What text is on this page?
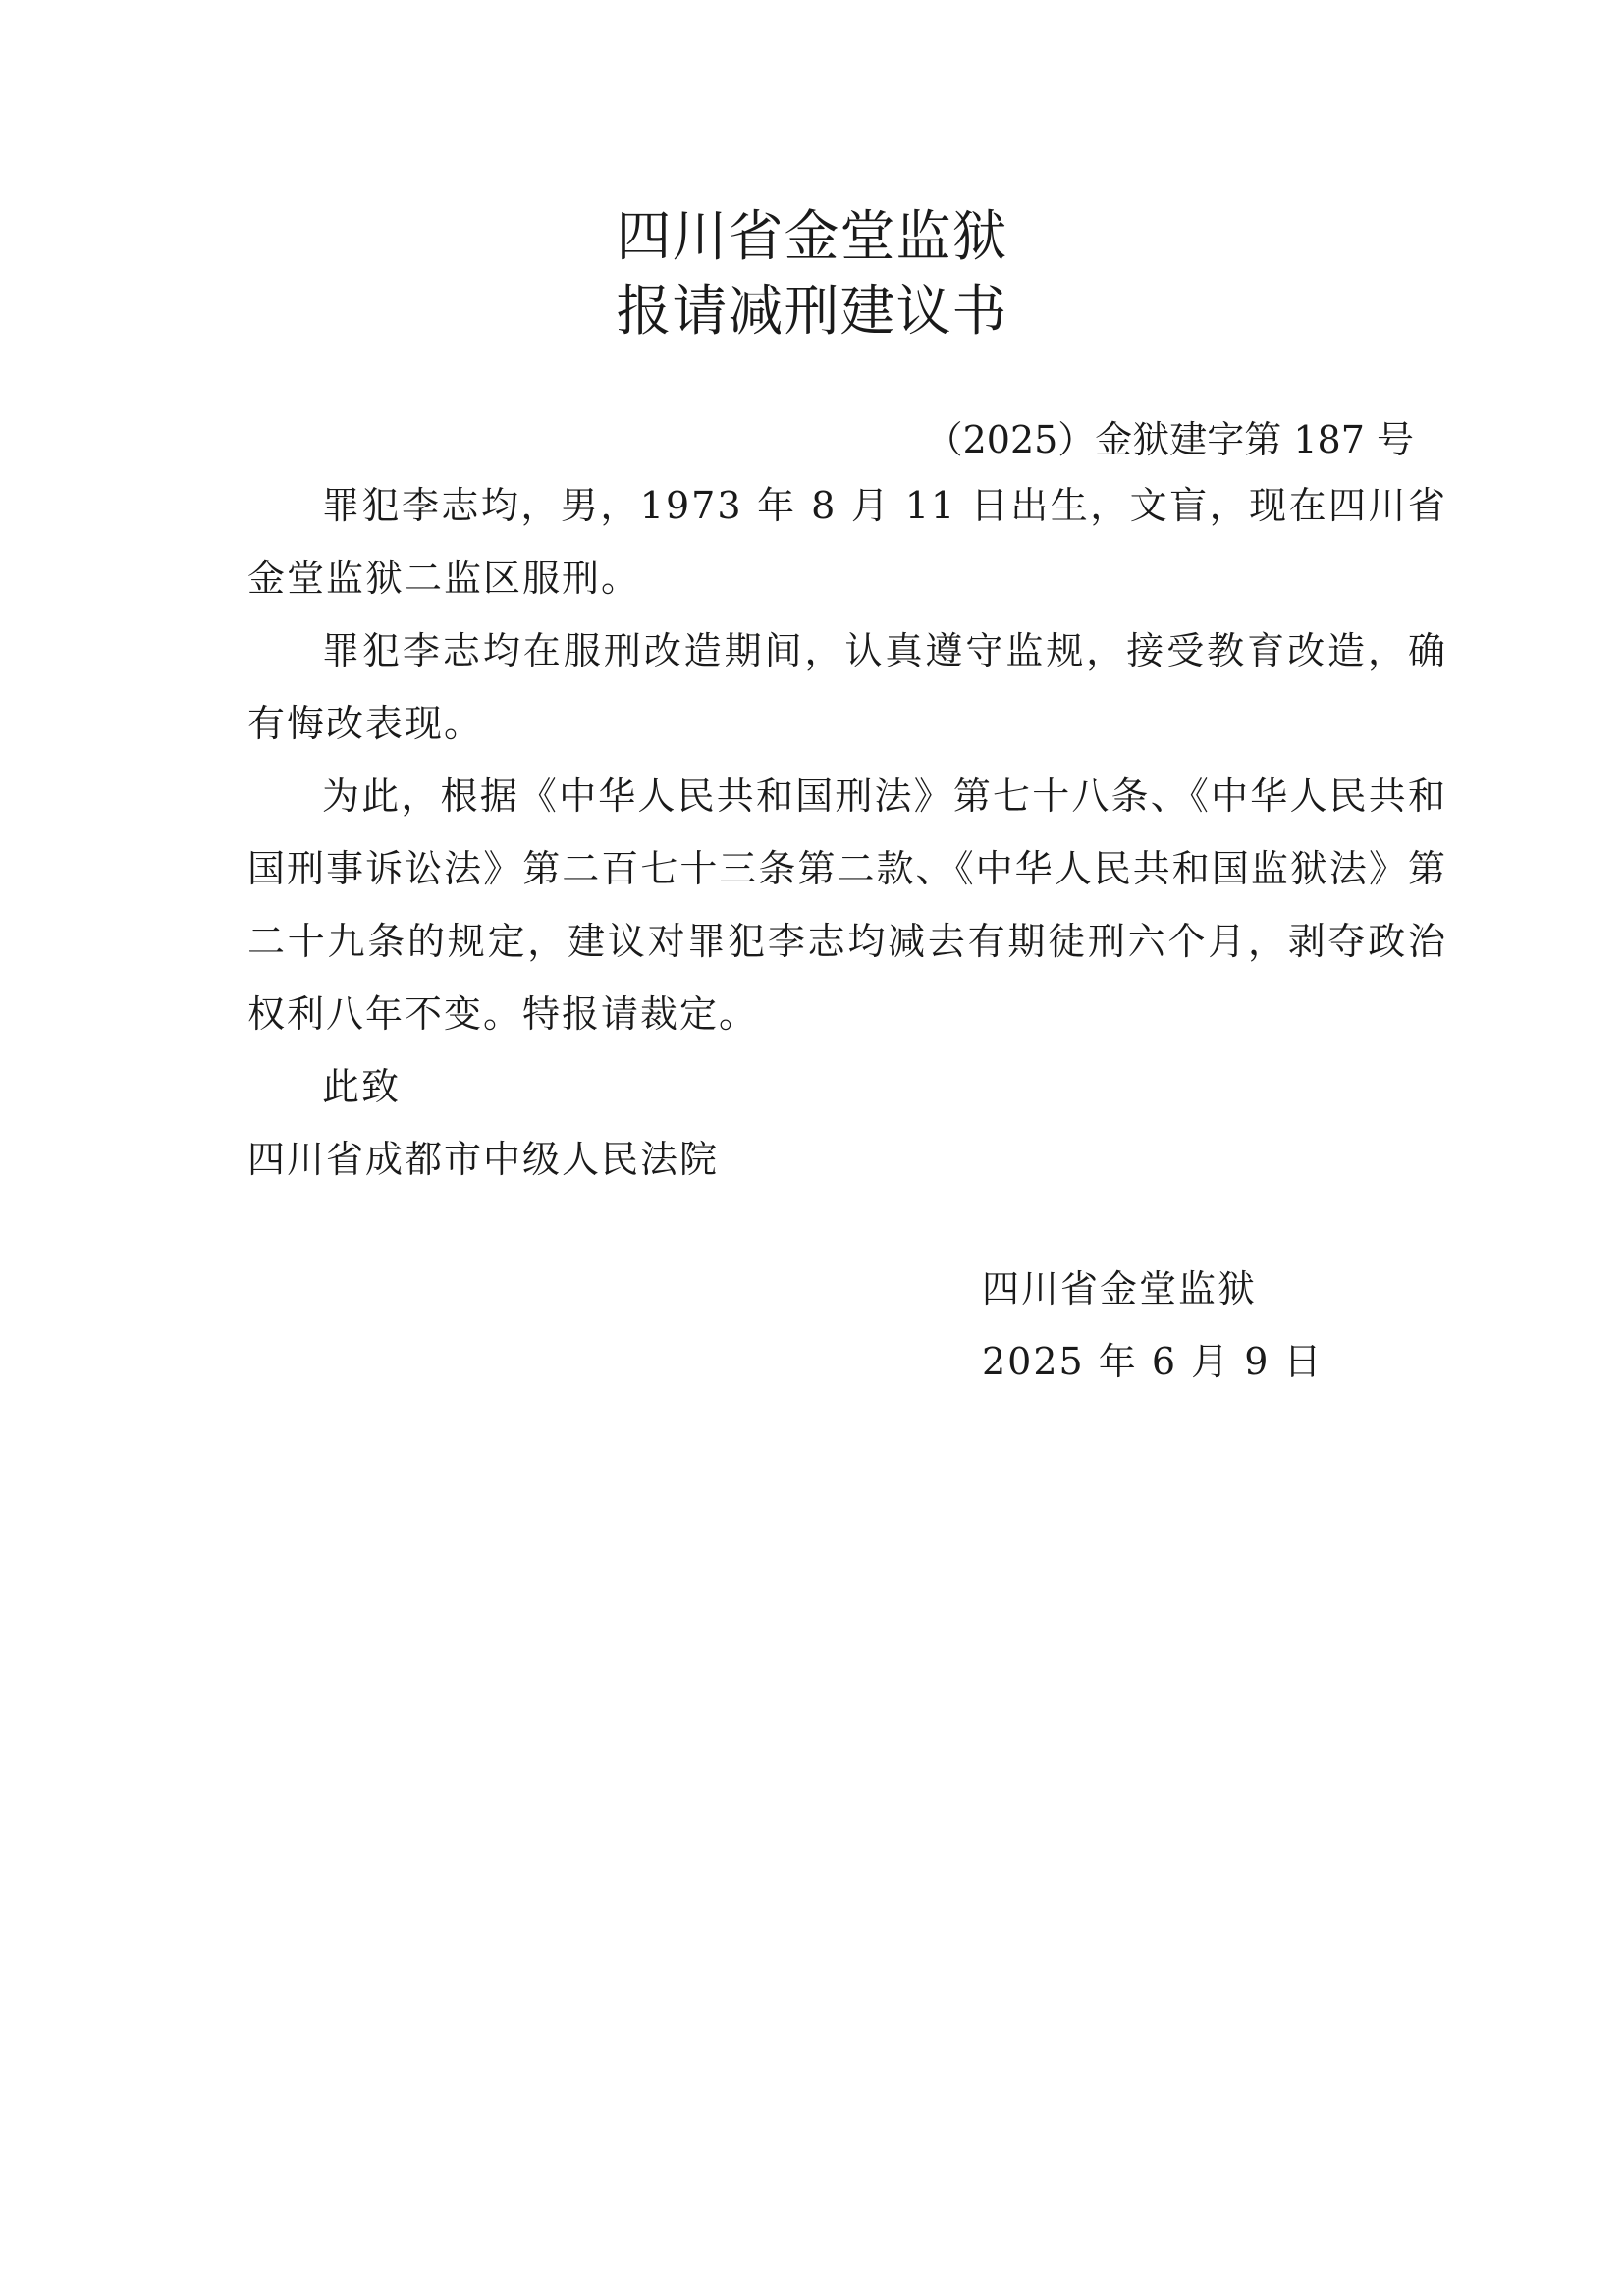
四川省金堂监狱
报请减刑建议书
（2025）金狱建字第 187 号

罪犯李志均，男，1973 年 8 月 11 日出生，文盲，现在四川省金堂监狱二监区服刑。

罪犯李志均在服刑改造期间，认真遵守监规，接受教育改造，确有悔改表现。

为此，根据《中华人民共和国刑法》第七十八条、《中华人民共和国刑事诉讼法》第二百七十三条第二款、《中华人民共和国监狱法》第二十九条的规定，建议对罪犯李志均减去有期徒刑六个月，剥夺政治权利八年不变。特报请裁定。

此致

四川省成都市中级人民法院

四川省金堂监狱
2025 年 6 月 9 日
